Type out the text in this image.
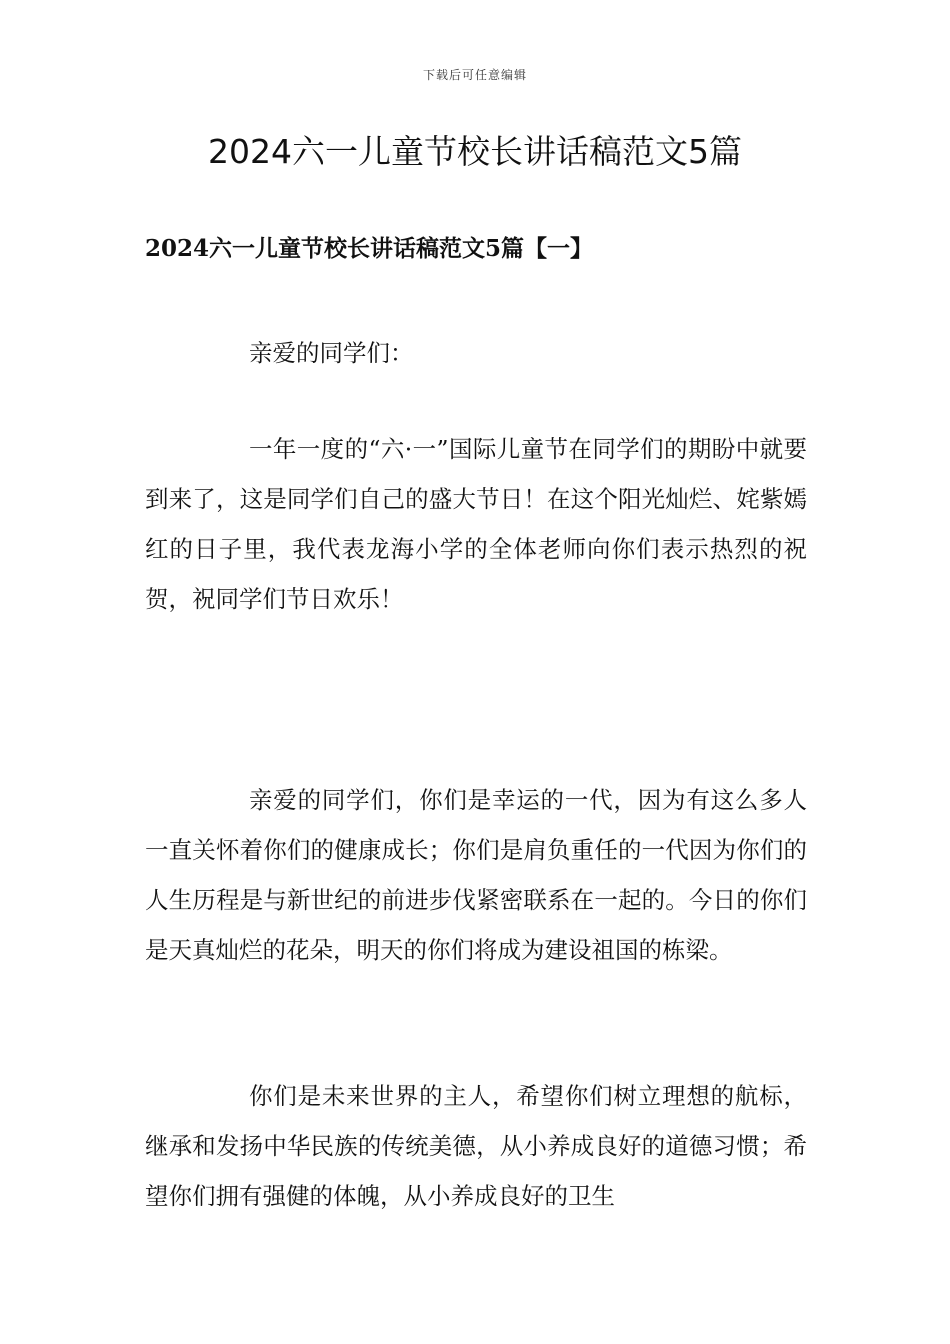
下载后可任意编辑
2024六一儿童节校长讲话稿范文5篇
2024六一儿童节校长讲话稿范文5篇【一】

亲爱的同学们：

一年一度的“六·一”国际儿童节在同学们的期盼中就要到来了，这是同学们自己的盛大节日！在这个阳光灿烂、姹紫嫣红的日子里，我代表龙海小学的全体老师向你们表示热烈的祝贺，祝同学们节日欢乐！

亲爱的同学们，你们是幸运的一代，因为有这么多人一直关怀着你们的健康成长；你们是肩负重任的一代因为你们的人生历程是与新世纪的前进步伐紧密联系在一起的。今日的你们是天真灿烂的花朵，明天的你们将成为建设祖国的栋梁。

你们是未来世界的主人，希望你们树立理想的航标，继承和发扬中华民族的传统美德，从小养成良好的道德习惯；希望你们拥有强健的体魄，从小养成良好的卫生
